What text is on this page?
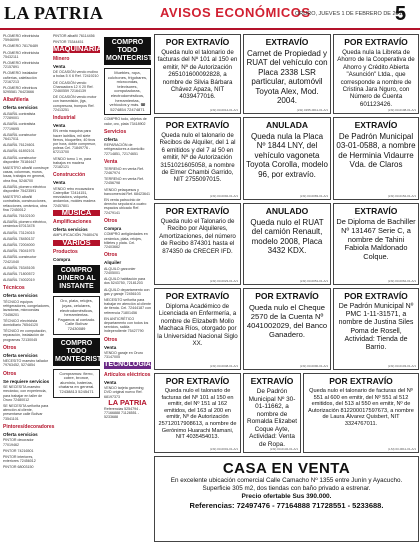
LA PATRIA	AVISOS ECONÓMICOS
ORURO, JUEVES 1 DE FEBRERO DE 2018
5
PLOMERO eléctricista 75946099
PLOMERO 78176489
PLOMERO eléctricista 75432111
PLOMERO eléctricista 72157891
PLOMERO instalador cañerías, calefacción 72167213
PLOMERO eléctricos 5295581 76423666
Albañilería
Oferta servicios
ALBAÑIL contratista 77289001
ALBAÑIL contratista 77719695
ALBAÑIL constructor 76417011
ALBAÑIL 76124601
ALBAÑIL 61892101
ALBAÑIL constructor disponible 75184447
MAESTRO albañil construye casas, columnas, muros, losas, trabajos en general, obra fina, 5246700
ALBAÑIL plomero eléctrico disponible 75423591
MAESTRO albañil contratista, construcciones, refacciones, cerámica, obra fina 72450012
ALBAÑIL 76102100
ALBAÑIL plomero eléctrico, cerámica 67013478
ALBAÑIL 73124015
ALBAÑIL 78450137
ALBAÑIL 72004000
ALBAÑIL 76041975
ALBAÑIL constructor 72421040
ALBAÑIL 76345105
ALBAÑIL 71800572
ALBAÑIL 74002019
Técnicos
Oferta servicios
TÉCNICO equipos refrigeradores, congeladores, lavadoras, microondas 73456201
TÉCNICO electricista domiciliario 76544120
TÉCNICO en computación, reparación, instalación de programas 72130045
Otros
Oferta servicios
NECESITO maestro tallador 79763452, 5274854
Otros
Se requiere servicios
SE NECESITA maestro mecánico, con experiencia, para trabajar en taller de Oruro 72480012
SE NECESITA señorita para atención al cliente, presentarse calle Bolívar 73541101
Pintores/decoradores
Oferta servicios
PINTOR decorador 77019462
PINTOR 74216501
PINTOR interiores, exteriores 72456012
PINTOR 68003150
PINTOR albañil 76114456
PINTOR 75344451
MAQUINARIA
Minero
Venta
DE OCASIÓN vendo molino a bolas 5 X 6 Ref. 72419210
DE OCASIÓN vendo Chancadora 12 X 20 Ref. 72460559 72164139
DE OCASIÓN vendo motor con transmisión, jigs, compresora, trompos Ref. 72413251
Industrial
Venta
EN venta maquina para hacer ladrillos, mil siete fierros, bloqueflex, 40 tiros por hora, doble compresor, poleas Cel. 71849776 - 67213700
VENDO torno 1 m, para trabajos en madera 72182121
Construcción
Venta
VENDO retro excavadora Caterpillar 72414151, mezcladora, volqueta, andamios, moldes madera 72457801
MÚSICA
Amplificaciones
Oferta servicios
AMPLIFICACIÓN 79480476
VARIOS
Productos
Compra
COMPRO DINERO AL INSTANTE
Oro, plata, relojes, joyas, celulares, electrodomésticos, herramientas. Pagamos al contado. Calle Bolívar 72430089
COMPRO TODO MONTECRISTO
Compramos: fierro, cobre, bronce, aluminio, baterías, chatarra en general. 72438813 5245471
COMPRO TODO MONTECRISTO
Muebles, ropa, colchones, frigobares, microondas, televisores, computadoras, electrodomésticos, herramientas, vehículos y más. ☎ 5274854 72474871
COMPRO todo, objetos de valor, oro, plata 73418902
Servicios
Oferta
REPARACIÓN de refrigeradores a domicilio 72714851, 72174651
Venta
TERRENO en venta Ref. 72467974
TERRENO en venta Ref. 72456798
VENDO pelaquesos y bancomercial Ref. 68423641
EN venta patrocinio de derecho sepulcral a cuatro espacios ubicado Ref. 72479141
Otros
Compra
COMPRO antigüedades en cerámica, plata, relojes, billetes y plata. Cel. 72403662
Otros
Alquiler
ALQUILO garzonier 72405001
ALQUILO habitación para dos 5243750, 72181203
ALQUILO departamento con gas y garaje 72456103
NECESITO señorita para trabajar en atención al cliente de tienda. Cel. 72444187 con referencia 71801456
EN ANTICRÉTICO departamento con todos los servicios, salida independiente 75427790
Otros
Venta
VENDO garaje en Oruro 73147005
TECNOLOGÍA
Artículos eléctricos
Venta
VENDO tarjeta gamming DVD original nuevo Ref. 68197373
LA PATRIA
Referencias 5254794 - 77166888 71128551 - 5233688
POR EXTRAVÍO
Queda nulo el talonario de facturas del Nº 101 al 150 en emitir, Nº de Autorización 265101600092828, a nombre de Silvia Bárbara Chávez Apaza, NIT 4039477016.
(LSI) 03-0014-01-A/1
EXTRAVÍO
Carnet de Propiedad y RUAT del vehículo con Placa 2338 LSR particular, automóvil Toyota Alex, Mod. 2004.
(LSI) 0155-0011-01-A/1
POR EXTRAVÍO
Queda nula la Libreta de Ahorro de la Cooperativa de Ahorro y Crédito Abierta "Asunción" Ltda., que corresponde a nombre de Cristina Jara Nguro, con Número de Cuenta 601123426.
(LSI) 03-0108-01-A/1
POR EXTRAVÍO
Queda nulo el talonario de Recibos de Alquiler, del 1 al 6 emitidos y del 7 al 50 en emitir, Nº de Autorización 3151021605058, a nombre de Elmer Chambi Garrido, NIT 2755097015.
(LSI) 03-0092-01-A/1
ANULADA
Queda nula la Placa Nº 1844 LNY, del vehículo vagoneta Toyota Corolla, modelo 96, por extravío.
(LSI) 03-0083-01-A/1
EXTRAVÍO
De Padrón Municipal 03-01-0588, a nombre de Herminia Vidaurre Vda. de Claros
(LSI) 03-0152-01-A/1
POR EXTRAVÍO
Queda nulo el Talonario de Recibo por Alquileres, Amortizaciones, del número de Recibo 874301 hasta el 874350 de CRECER IFD.
(LSI) 03-0023-01-A/1
ANULADO
Queda nulo el RUAT del camión Renault, modelo 2008, Placa 3432 KDX.
(LSI) 03-0051-01-A/1
EXTRAVÍO
De Diploma de Bachiller Nº 131467 Serie C, a nombre de Tahini Fabiola Maldonado Colque.
(LSI) 03-0062-01-A/1
POR EXTRAVÍO
Diploma Académico de Licenciada en Enfermería, a nombre de Elizabeth Mollo Machaca Ríos, otorgado por la Universidad Nacional Siglo XX.
(LSI) 03-0048-01-A/1
POR EXTRAVÍO
Queda nulo el Cheque 2570 de la Cuenta Nº 4041002029, del Banco Ganadero.
(LSI) 03-0090-01-A/1
POR EXTRAVÍO
De Padrón Municipal Nº PMC 1-11-31571, a nombre de Justina Siles Poma de Rosell, Actividad: Tienda de Barrio.
(LSI) 03-0103-01-A/1
POR EXTRAVÍO
Queda nulo el talonario de facturas del Nº 101 al 150 en emitir, del Nº 151 al 162 emitidos, del 163 al 200 en emitir, Nº de Autorización 25712017908613, a nombre de Gerónimo Huarachi Mamani, NIT 4035454013.
(LSI) 03-0001-01-A/1
EXTRAVÍO
De Padrón Municipal Nº 30-01-11662, a nombre de Romalda Elizabet Coque Ayte, Actividad: Venta de Ropa.
(LSI) 03-0132-01-A/1
POR EXTRAVÍO
Queda nulo el talonario de facturas del Nº 551 al 600 en emitir, del Nº 551 al 512 emitidos, del 513 al 550 en emitir, Nº de Autorización 812200017597673, a nombre de Laura Álvarez Quisbert, NIT 3324767011.
(LSI) 03-0011-01-A/1
CASA EN VENTA
En excelente ubicación comercial Calle Camacho Nº 1355 entre Junín y Ayacucho. Superficie 305 m2, dos tiendas con baño privado a estrenar.
Precio ofertable Sus 390.000.
Referencias: 72497476 - 77164888 71728551 - 5233688.
